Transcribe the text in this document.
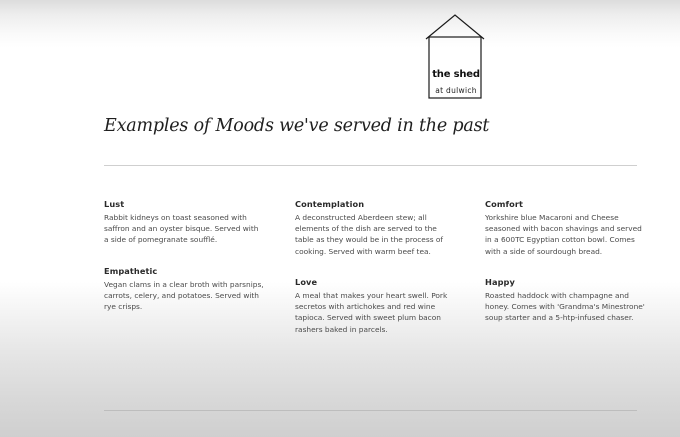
the shed
at dulwich
Examples of Moods we've served in the past
Lust
Rabbit kidneys on toast seasoned with saffron and an oyster bisque. Served with a side of pomegranate soufflé.
Contemplation
A deconstructed Aberdeen stew; all elements of the dish are served to the table as they would be in the process of cooking. Served with warm beef tea.
Comfort
Yorkshire blue Macaroni and Cheese seasoned with bacon shavings and served in a 600TC Egyptian cotton bowl. Comes with a side of sourdough bread.
Empathetic
Vegan clams in a clear broth with parsnips, carrots, celery, and potatoes. Served with rye crisps.
Love
A meal that makes your heart swell. Pork secretos with artichokes and red wine tapioca. Served with sweet plum bacon rashers baked in parcels.
Happy
Roasted haddock with champagne and honey. Comes with 'Grandma's Minestrone' soup starter and a 5-htp-infused chaser.
